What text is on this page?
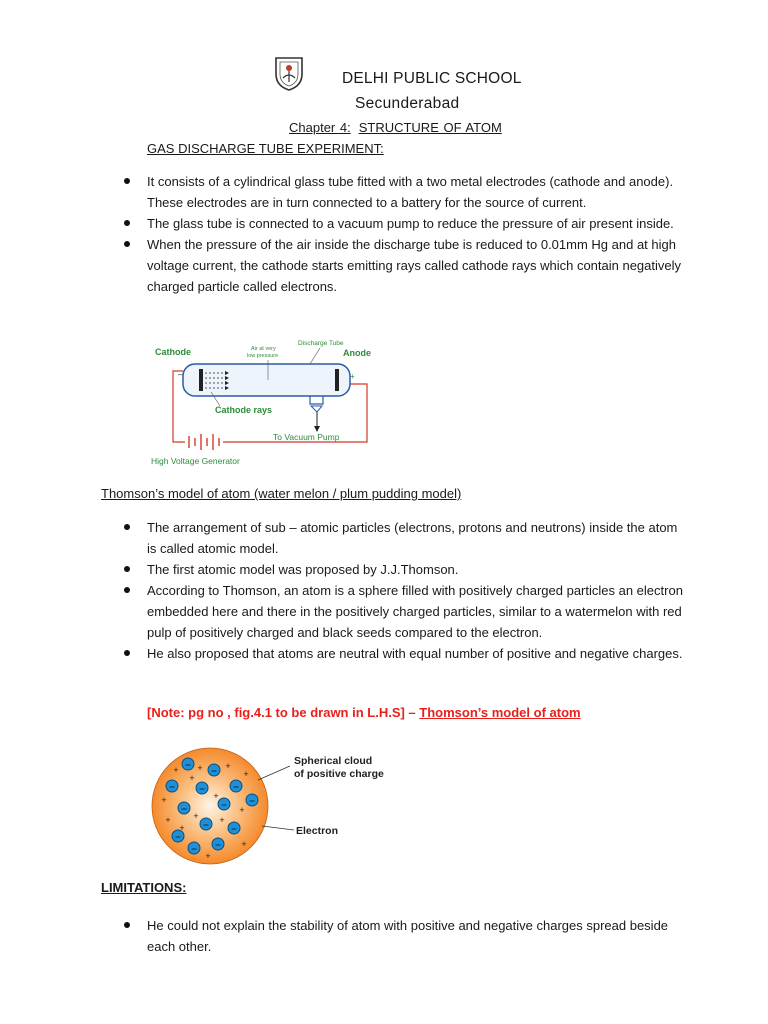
DELHI PUBLIC SCHOOL
Secunderabad
Chapter 4: STRUCTURE OF ATOM
GAS DISCHARGE TUBE EXPERIMENT:
It consists of a cylindrical glass tube fitted with a two metal electrodes (cathode and anode). These electrodes are in turn connected to a battery for the source of current.
The glass tube is connected to a vacuum pump to reduce the pressure of air present inside.
When the pressure of the air inside the discharge tube is reduced to 0.01mm Hg and at high voltage current, the cathode starts emitting rays called cathode rays which contain negatively charged particle called electrons.
Cathode	Anode
Discharge Tube
Air at very
low pressure
Cathode rays
To Vacuum Pump
High Voltage Generator
–	+
Thomson’s model of atom (water melon / plum pudding model)
The arrangement of sub – atomic particles (electrons, protons and neutrons) inside the atom is called atomic model.
The first atomic model was proposed by J.J.Thomson.
According to Thomson, an atom is a sphere filled with positively charged particles an electron embedded here and there in the positively charged particles, similar to a watermelon with red pulp of positively charged and black seeds compared to the electron.
He also proposed that atoms are neutral with equal number of positive and negative charges.
[Note: pg no , fig.4.1 to be drawn in L.H.S] – Thomson’s model of atom
–
–
– –	–
–	– –
–
–
–
– –
+ +	+
+	+
+	+
+
+
+	+
+
+
+
Spherical cloud
of positive charge
Electron
LIMITATIONS:
He could not explain the stability of atom with positive and negative charges spread beside each other.
